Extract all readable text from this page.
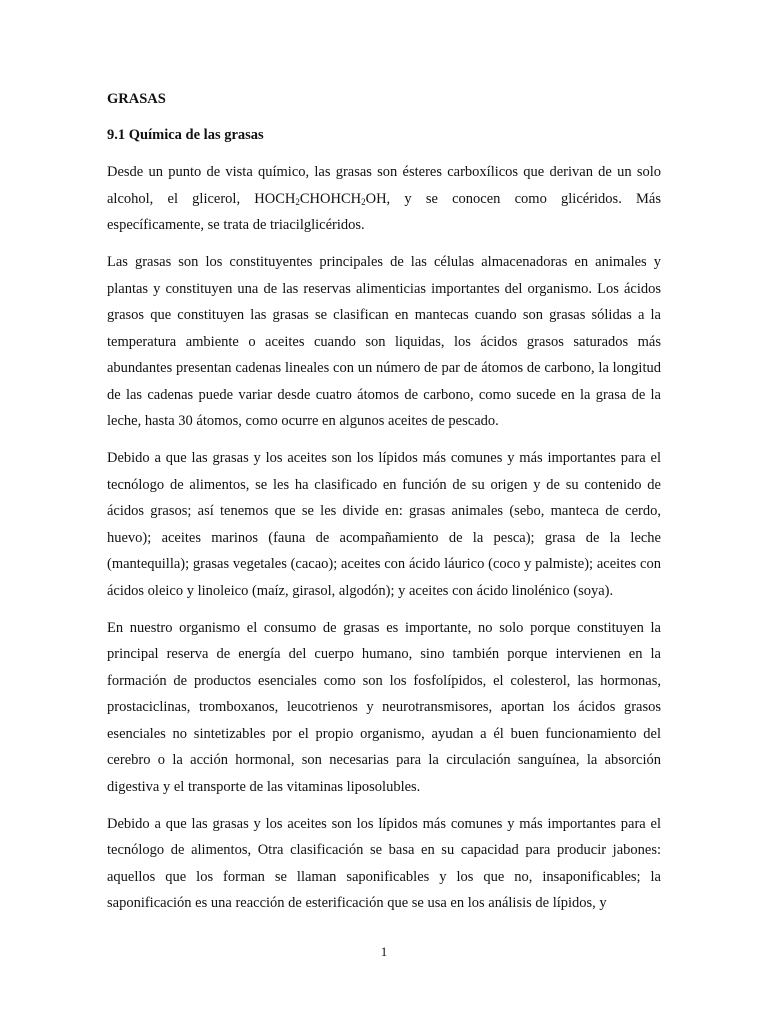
GRASAS
9.1 Química de las grasas

Desde un punto de vista químico, las grasas son ésteres carboxílicos que derivan de un solo alcohol, el glicerol, $HOCH_2CHOHCH_2OH$, y se conocen como glicéridos. Más específicamente, se trata de triacilglicéridos.

Las grasas son los constituyentes principales de las células almacenadoras en animales y plantas y constituyen una de las reservas alimenticias importantes del organismo. Los ácidos grasos que constituyen las grasas se clasifican en mantecas cuando son grasas sólidas a la temperatura ambiente o aceites cuando son liquidas, los ácidos grasos saturados más abundantes presentan cadenas lineales con un número de par de átomos de carbono, la longitud de las cadenas puede variar desde cuatro átomos de carbono, como sucede en la grasa de la leche, hasta 30 átomos, como ocurre en algunos aceites de pescado.

Debido a que las grasas y los aceites son los lípidos más comunes y más importantes para el tecnólogo de alimentos, se les ha clasificado en función de su origen y de su contenido de ácidos grasos; así tenemos que se les divide en: grasas animales (sebo, manteca de cerdo, huevo); aceites marinos (fauna de acompañamiento de la pesca); grasa de la leche (mantequilla); grasas vegetales (cacao); aceites con ácido láurico (coco y palmiste); aceites con ácidos oleico y linoleico (maíz, girasol, algodón); y aceites con ácido linolénico (soya).

En nuestro organismo el consumo de grasas es importante, no solo porque constituyen la principal reserva de energía del cuerpo humano, sino también porque intervienen en la formación de productos esenciales como son los fosfolípidos, el colesterol, las hormonas, prostaciclinas, tromboxanos, leucotrienos y neurotransmisores, aportan los ácidos grasos esenciales no sintetizables por el propio organismo, ayudan a él buen funcionamiento del cerebro o la acción hormonal, son necesarias para la circulación sanguínea, la absorción digestiva y el transporte de las vitaminas liposolubles.

Debido a que las grasas y los aceites son los lípidos más comunes y más importantes para el tecnólogo de alimentos, Otra clasificación se basa en su capacidad para producir jabones: aquellos que los forman se llaman saponificables y los que no, insaponificables; la saponificación es una reacción de esterificación que se usa en los análisis de lípidos, y

1
